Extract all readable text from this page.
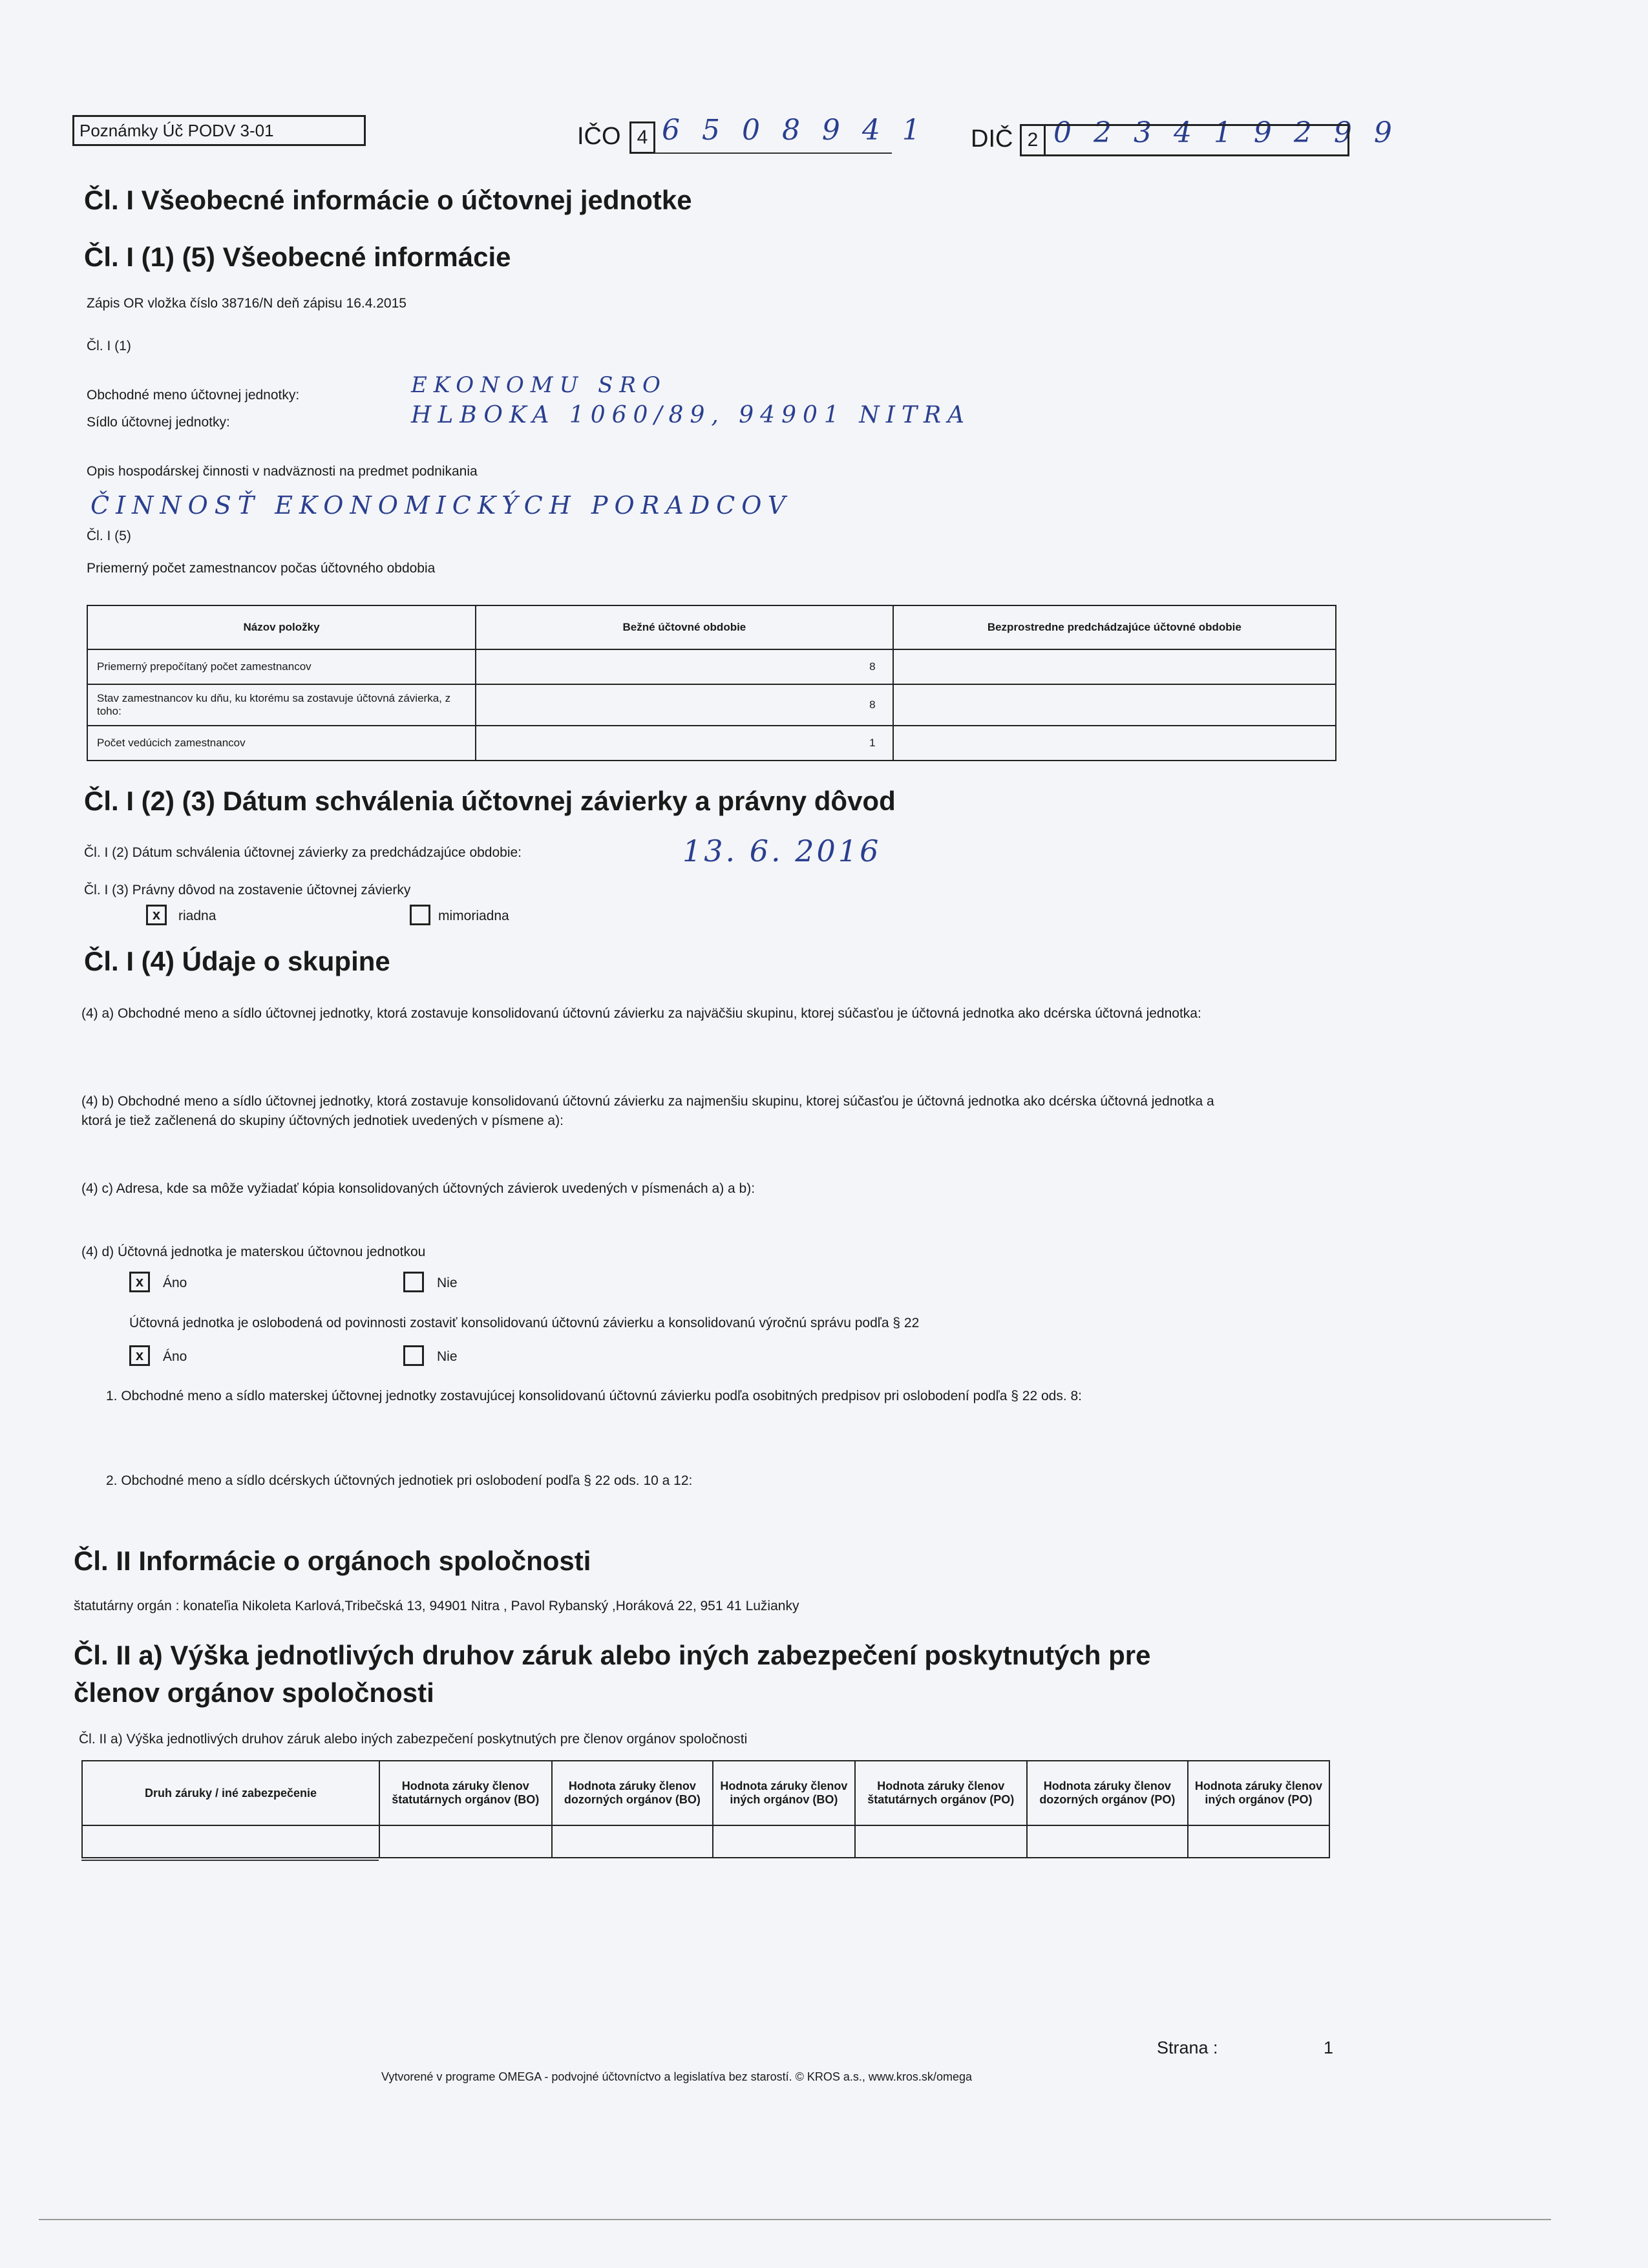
Poznámky Úč PODV 3-01	IČO 4 6 5 0 8 9 4 1 DIČ 2 0 2 3 4 1 9 2 9 9
Čl. I Všeobecné informácie o účtovnej jednotke
Čl. I (1) (5) Všeobecné informácie
Zápis OR vložka číslo 38716/N deň zápisu 16.4.2015
Čl. I (1)
Obchodné meno účtovnej jednotky:	EKONOMU SRO
Sídlo účtovnej jednotky:	HLBOKA 1060/89, 94901 NITRA
Opis hospodárskej činnosti v nadväznosti na predmet podnikania
ČINNOSŤ EKONOMICKÝCH PORADCOV
Čl. I (5)
Priemerný počet zamestnancov počas účtovného obdobia
Názov položky	Bežné účtovné obdobie	Bezprostredne predchádzajúce účtovné obdobie
Priemerný prepočítaný počet zamestnancov	8	
Stav zamestnancov ku dňu, ku ktorému sa zostavuje účtovná závierka, z toho:	8	
Počet vedúcich zamestnancov	1	
Čl. I (2) (3) Dátum schválenia účtovnej závierky a právny dôvod
Čl. I (2) Dátum schválenia účtovnej závierky za predchádzajúce obdobie:	13. 6. 2016
Čl. I (3) Právny dôvod na zostavenie účtovnej závierky
x	riadna	mimoriadna
Čl. I (4) Údaje o skupine
(4) a) Obchodné meno a sídlo účtovnej jednotky, ktorá zostavuje konsolidovanú účtovnú závierku za najväčšiu skupinu, ktorej súčasťou je účtovná jednotka ako dcérska účtovná jednotka:
(4) b) Obchodné meno a sídlo účtovnej jednotky, ktorá zostavuje konsolidovanú účtovnú závierku za najmenšiu skupinu, ktorej súčasťou je účtovná jednotka ako dcérska účtovná jednotka a ktorá je tiež začlenená do skupiny účtovných jednotiek uvedených v písmene a):
(4) c) Adresa, kde sa môže vyžiadať kópia konsolidovaných účtovných závierok uvedených v písmenách a) a b):
(4) d) Účtovná jednotka je materskou účtovnou jednotkou
x	Áno	Nie
Účtovná jednotka je oslobodená od povinnosti zostaviť konsolidovanú účtovnú závierku a konsolidovanú výročnú správu podľa § 22
x	Áno	Nie
1. Obchodné meno a sídlo materskej účtovnej jednotky zostavujúcej konsolidovanú účtovnú závierku podľa osobitných predpisov pri oslobodení podľa § 22 ods. 8:
2. Obchodné meno a sídlo dcérskych účtovných jednotiek pri oslobodení podľa § 22 ods. 10 a 12:
Čl. II Informácie o orgánoch spoločnosti
štatutárny orgán : konateľia Nikoleta Karlová,Tribečská 13, 94901 Nitra , Pavol Rybanský ,Horáková 22, 951 41 Lužianky
Čl. II a) Výška jednotlivých druhov záruk alebo iných zabezpečení poskytnutých pre
členov orgánov spoločnosti
Čl. II a) Výška jednotlivých druhov záruk alebo iných zabezpečení poskytnutých pre členov orgánov spoločnosti
Druh záruky / iné zabezpečenie	Hodnota záruky členov štatutárnych orgánov (BO)	Hodnota záruky členov dozorných orgánov (BO)	Hodnota záruky členov iných orgánov (BO)	Hodnota záruky členov štatutárnych orgánov (PO)	Hodnota záruky členov dozorných orgánov (PO)	Hodnota záruky členov iných orgánov (PO)

Strana :	1
Vytvorené v programe OMEGA - podvojné účtovníctvo a legislatíva bez starostí. © KROS a.s., www.kros.sk/omega
